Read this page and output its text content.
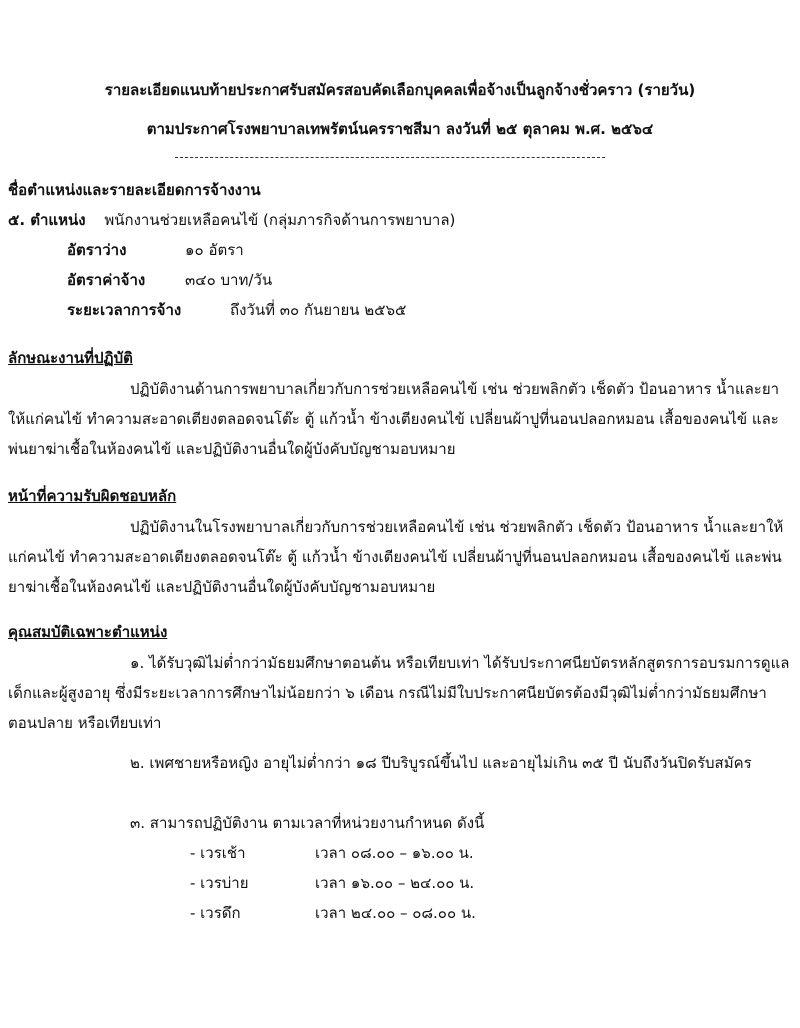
รายละเอียดแนบท้ายประกาศรับสมัครสอบคัดเลือกบุคคลเพื่อจ้างเป็นลูกจ้างชั่วคราว (รายวัน)
ตามประกาศโรงพยาบาลเทพรัตน์นครราชสีมา ลงวันที่ ๒๕ ตุลาคม พ.ศ. ๒๕๖๔
ชื่อตำแหน่งและรายละเอียดการจ้างงาน
๕. ตำแหน่ง พนักงานช่วยเหลือคนไข้ (กลุ่มภารกิจด้านการพยาบาล)
อัตราว่าง	๑๐ อัตรา
อัตราค่าจ้าง	๓๔๐ บาท/วัน
ระยะเวลาการจ้าง	ถึงวันที่ ๓๐ กันยายน ๒๕๖๕
ลักษณะงานที่ปฏิบัติ
ปฏิบัติงานด้านการพยาบาลเกี่ยวกับการช่วยเหลือคนไข้ เช่น ช่วยพลิกตัว เช็ดตัว ป้อนอาหาร น้ำและยาให้แก่คนไข้ ทำความสะอาดเตียงตลอดจนโต๊ะ ตู้ แก้วน้ำ ข้างเตียงคนไข้ เปลี่ยนผ้าปูที่นอนปลอกหมอน เสื้อของคนไข้ และพ่นยาฆ่าเชื้อในห้องคนไข้ และปฏิบัติงานอื่นใดผู้บังคับบัญชามอบหมาย
หน้าที่ความรับผิดชอบหลัก
ปฏิบัติงานในโรงพยาบาลเกี่ยวกับการช่วยเหลือคนไข้ เช่น ช่วยพลิกตัว เช็ดตัว ป้อนอาหาร น้ำและยาให้แก่คนไข้ ทำความสะอาดเตียงตลอดจนโต๊ะ ตู้ แก้วน้ำ ข้างเตียงคนไข้ เปลี่ยนผ้าปูที่นอนปลอกหมอน เสื้อของคนไข้ และพ่นยาฆ่าเชื้อในห้องคนไข้ และปฏิบัติงานอื่นใดผู้บังคับบัญชามอบหมาย
คุณสมบัติเฉพาะตำแหน่ง
๑. ได้รับวุฒิไม่ต่ำกว่ามัธยมศึกษาตอนต้น หรือเทียบเท่า ได้รับประกาศนียบัตรหลักสูตรการอบรมการดูแลเด็กและผู้สูงอายุ ซึ่งมีระยะเวลาการศึกษาไม่น้อยกว่า ๖ เดือน กรณีไม่มีใบประกาศนียบัตรต้องมีวุฒิไม่ต่ำกว่ามัธยมศึกษาตอนปลาย หรือเทียบเท่า
๒. เพศชายหรือหญิง อายุไม่ต่ำกว่า ๑๘ ปีบริบูรณ์ขึ้นไป และอายุไม่เกิน ๓๕ ปี นับถึงวันปิดรับสมัคร
๓. สามารถปฏิบัติงาน ตามเวลาที่หน่วยงานกำหนด ดังนี้
- เวรเช้า	เวลา ๐๘.๐๐ – ๑๖.๐๐ น.
- เวรบ่าย	เวลา ๑๖.๐๐ – ๒๔.๐๐ น.
- เวรดึก	เวลา ๒๔.๐๐ – ๐๘.๐๐ น.
